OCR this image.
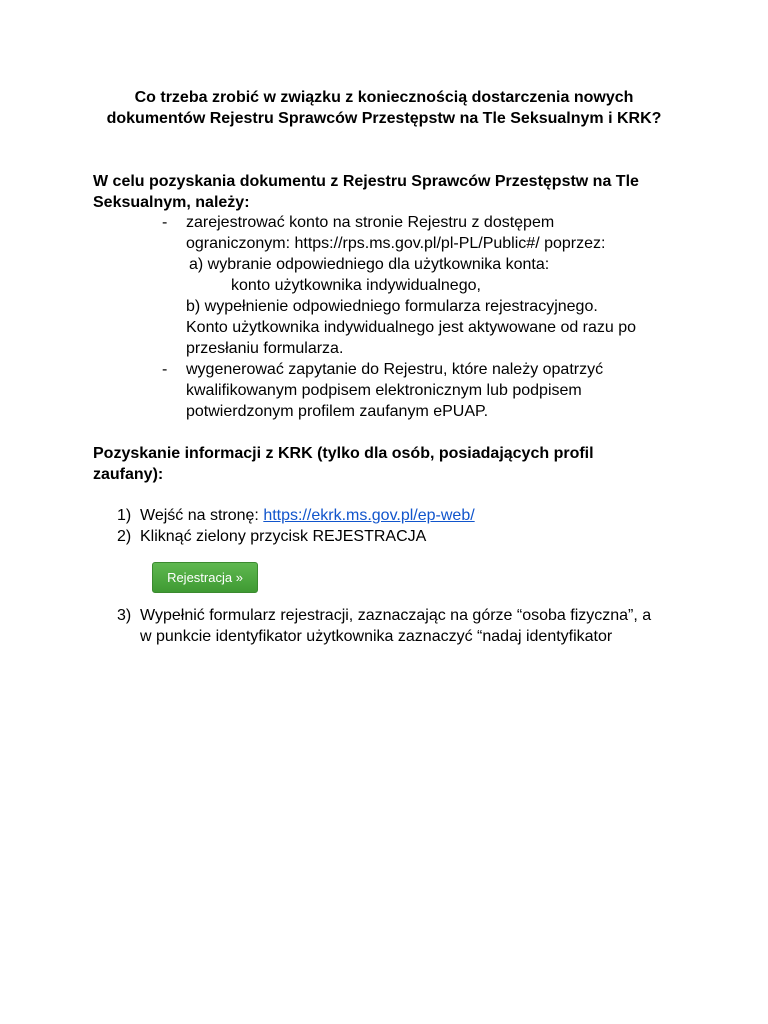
Co trzeba zrobić w związku z koniecznością dostarczenia nowych
dokumentów Rejestru Sprawców Przestępstw na Tle Seksualnym i KRK?
W celu pozyskania dokumentu z Rejestru Sprawców Przestępstw na Tle
Seksualnym, należy:
- zarejestrować konto na stronie Rejestru z dostępem
ograniczonym: https://rps.ms.gov.pl/pl-PL/Public#/ poprzez:
a) wybranie odpowiedniego dla użytkownika konta:
konto użytkownika indywidualnego,
b) wypełnienie odpowiedniego formularza rejestracyjnego.
Konto użytkownika indywidualnego jest aktywowane od razu po
przesłaniu formularza.
- wygenerować zapytanie do Rejestru, które należy opatrzyć
kwalifikowanym podpisem elektronicznym lub podpisem
potwierdzonym profilem zaufanym ePUAP.
Pozyskanie informacji z KRK (tylko dla osób, posiadających profil
zaufany):
1) Wejść na stronę: https://ekrk.ms.gov.pl/ep-web/
2) Kliknąć zielony przycisk REJESTRACJA
Rejestracja »
3) Wypełnić formularz rejestracji, zaznaczając na górze “osoba fizyczna”, a
w punkcie identyfikator użytkownika zaznaczyć “nadaj identyfikator
